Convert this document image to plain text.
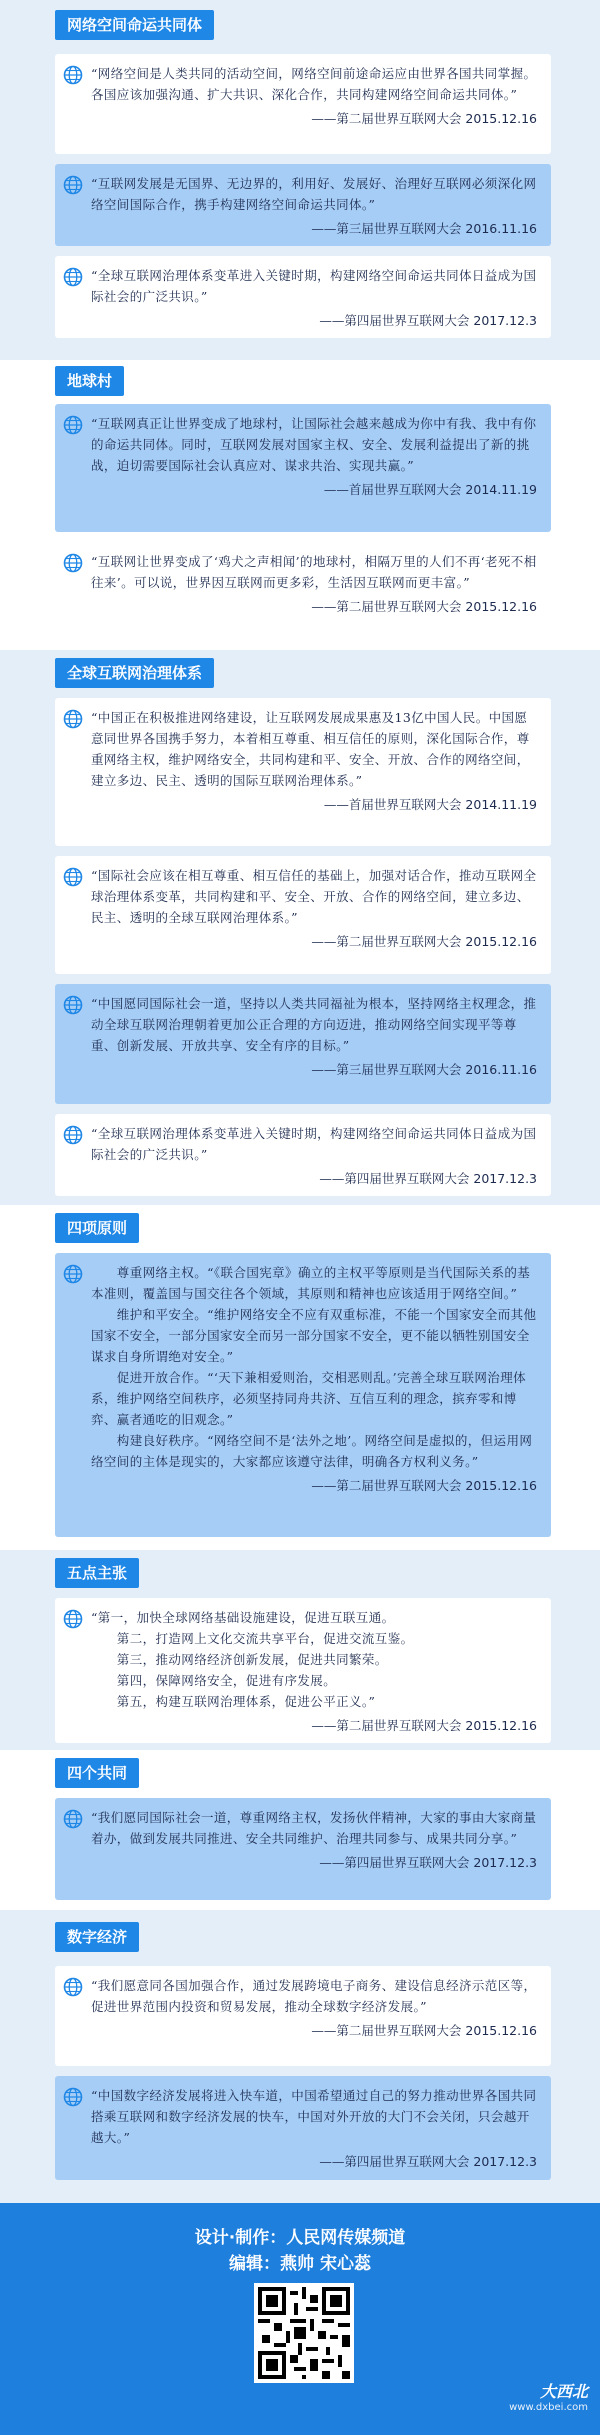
网络空间命运共同体
“网络空间是人类共同的活动空间，网络空间前途命运应由世界各国共同掌握。各国应该加强沟通、扩大共识、深化合作，共同构建网络空间命运共同体。”
——第二届世界互联网大会 2015.12.16
“互联网发展是无国界、无边界的，利用好、发展好、治理好互联网必须深化网络空间国际合作，携手构建网络空间命运共同体。”
——第三届世界互联网大会 2016.11.16
“全球互联网治理体系变革进入关键时期，构建网络空间命运共同体日益成为国际社会的广泛共识。”
——第四届世界互联网大会 2017.12.3
地球村
“互联网真正让世界变成了地球村，让国际社会越来越成为你中有我、我中有你的命运共同体。同时，互联网发展对国家主权、安全、发展利益提出了新的挑战，迫切需要国际社会认真应对、谋求共治、实现共赢。”
——首届世界互联网大会 2014.11.19
“互联网让世界变成了‘鸡犬之声相闻’的地球村，相隔万里的人们不再‘老死不相往来’。可以说，世界因互联网而更多彩，生活因互联网而更丰富。”
——第二届世界互联网大会 2015.12.16
全球互联网治理体系
“中国正在积极推进网络建设，让互联网发展成果惠及13亿中国人民。中国愿意同世界各国携手努力，本着相互尊重、相互信任的原则，深化国际合作，尊重网络主权，维护网络安全，共同构建和平、安全、开放、合作的网络空间，建立多边、民主、透明的国际互联网治理体系。”
——首届世界互联网大会 2014.11.19
“国际社会应该在相互尊重、相互信任的基础上，加强对话合作，推动互联网全球治理体系变革，共同构建和平、安全、开放、合作的网络空间，建立多边、民主、透明的全球互联网治理体系。”
——第二届世界互联网大会 2015.12.16
“中国愿同国际社会一道，坚持以人类共同福祉为根本，坚持网络主权理念，推动全球互联网治理朝着更加公正合理的方向迈进，推动网络空间实现平等尊重、创新发展、开放共享、安全有序的目标。”
——第三届世界互联网大会 2016.11.16
“全球互联网治理体系变革进入关键时期，构建网络空间命运共同体日益成为国际社会的广泛共识。”
——第四届世界互联网大会 2017.12.3
四项原则
　　尊重网络主权。“《联合国宪章》确立的主权平等原则是当代国际关系的基本准则，覆盖国与国交往各个领域，其原则和精神也应该适用于网络空间。”
　　维护和平安全。“维护网络安全不应有双重标准，不能一个国家安全而其他国家不安全，一部分国家安全而另一部分国家不安全，更不能以牺牲别国安全谋求自身所谓绝对安全。”
　　促进开放合作。“‘天下兼相爱则治，交相恶则乱。’完善全球互联网治理体系，维护网络空间秩序，必须坚持同舟共济、互信互利的理念，摈弃零和博弈、赢者通吃的旧观念。”
　　构建良好秩序。“网络空间不是‘法外之地’。网络空间是虚拟的，但运用网络空间的主体是现实的，大家都应该遵守法律，明确各方权利义务。”
——第二届世界互联网大会 2015.12.16
五点主张
“第一，加快全球网络基础设施建设，促进互联互通。
　　第二，打造网上文化交流共享平台，促进交流互鉴。
　　第三，推动网络经济创新发展，促进共同繁荣。
　　第四，保障网络安全，促进有序发展。
　　第五，构建互联网治理体系，促进公平正义。”
——第二届世界互联网大会 2015.12.16
四个共同
“我们愿同国际社会一道，尊重网络主权，发扬伙伴精神，大家的事由大家商量着办，做到发展共同推进、安全共同维护、治理共同参与、成果共同分享。”
——第四届世界互联网大会 2017.12.3
数字经济
“我们愿意同各国加强合作，通过发展跨境电子商务、建设信息经济示范区等，促进世界范围内投资和贸易发展，推动全球数字经济发展。”
——第二届世界互联网大会 2015.12.16
“中国数字经济发展将进入快车道，中国希望通过自己的努力推动世界各国共同搭乘互联网和数字经济发展的快车，中国对外开放的大门不会关闭，只会越开越大。”
——第四届世界互联网大会 2017.12.3
设计·制作：人民网传媒频道
编辑：燕帅 宋心蕊
大西北
www.dxbei.com
